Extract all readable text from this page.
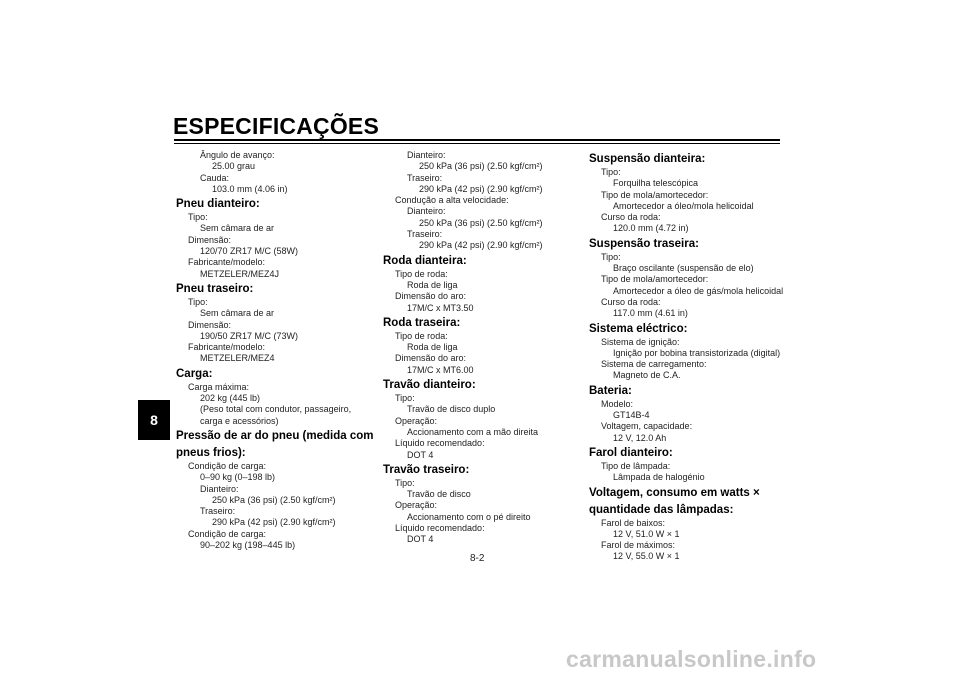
ESPECIFICAÇÕES
8
Ângulo de avanço:
25.00 grau
Cauda:
103.0 mm (4.06 in)
Pneu dianteiro:
Tipo:
Sem câmara de ar
Dimensão:
120/70 ZR17 M/C (58W)
Fabricante/modelo:
METZELER/MEZ4J
Pneu traseiro:
Tipo:
Sem câmara de ar
Dimensão:
190/50 ZR17 M/C (73W)
Fabricante/modelo:
METZELER/MEZ4
Carga:
Carga máxima:
202 kg (445 lb)
(Peso total com condutor, passageiro,
carga e acessórios)
Pressão de ar do pneu (medida com
pneus frios):
Condição de carga:
0–90 kg (0–198 lb)
Dianteiro:
250 kPa (36 psi) (2.50 kgf/cm²)
Traseiro:
290 kPa (42 psi) (2.90 kgf/cm²)
Condição de carga:
90–202 kg (198–445 lb)
Dianteiro:
250 kPa (36 psi) (2.50 kgf/cm²)
Traseiro:
290 kPa (42 psi) (2.90 kgf/cm²)
Condução a alta velocidade:
Dianteiro:
250 kPa (36 psi) (2.50 kgf/cm²)
Traseiro:
290 kPa (42 psi) (2.90 kgf/cm²)
Roda dianteira:
Tipo de roda:
Roda de liga
Dimensão do aro:
17M/C x MT3.50
Roda traseira:
Tipo de roda:
Roda de liga
Dimensão do aro:
17M/C x MT6.00
Travão dianteiro:
Tipo:
Travão de disco duplo
Operação:
Accionamento com a mão direita
Líquido recomendado:
DOT 4
Travão traseiro:
Tipo:
Travão de disco
Operação:
Accionamento com o pé direito
Líquido recomendado:
DOT 4
Suspensão dianteira:
Tipo:
Forquilha telescópica
Tipo de mola/amortecedor:
Amortecedor a óleo/mola helicoidal
Curso da roda:
120.0 mm (4.72 in)
Suspensão traseira:
Tipo:
Braço oscilante (suspensão de elo)
Tipo de mola/amortecedor:
Amortecedor a óleo de gás/mola helicoidal
Curso da roda:
117.0 mm (4.61 in)
Sistema eléctrico:
Sistema de ignição:
Ignição por bobina transistorizada (digital)
Sistema de carregamento:
Magneto de C.A.
Bateria:
Modelo:
GT14B-4
Voltagem, capacidade:
12 V, 12.0 Ah
Farol dianteiro:
Tipo de lâmpada:
Lâmpada de halogénio
Voltagem, consumo em watts ×
quantidade das lâmpadas:
Farol de baixos:
12 V, 51.0 W × 1
Farol de máximos:
12 V, 55.0 W × 1
8-2
carmanualsonline.info
